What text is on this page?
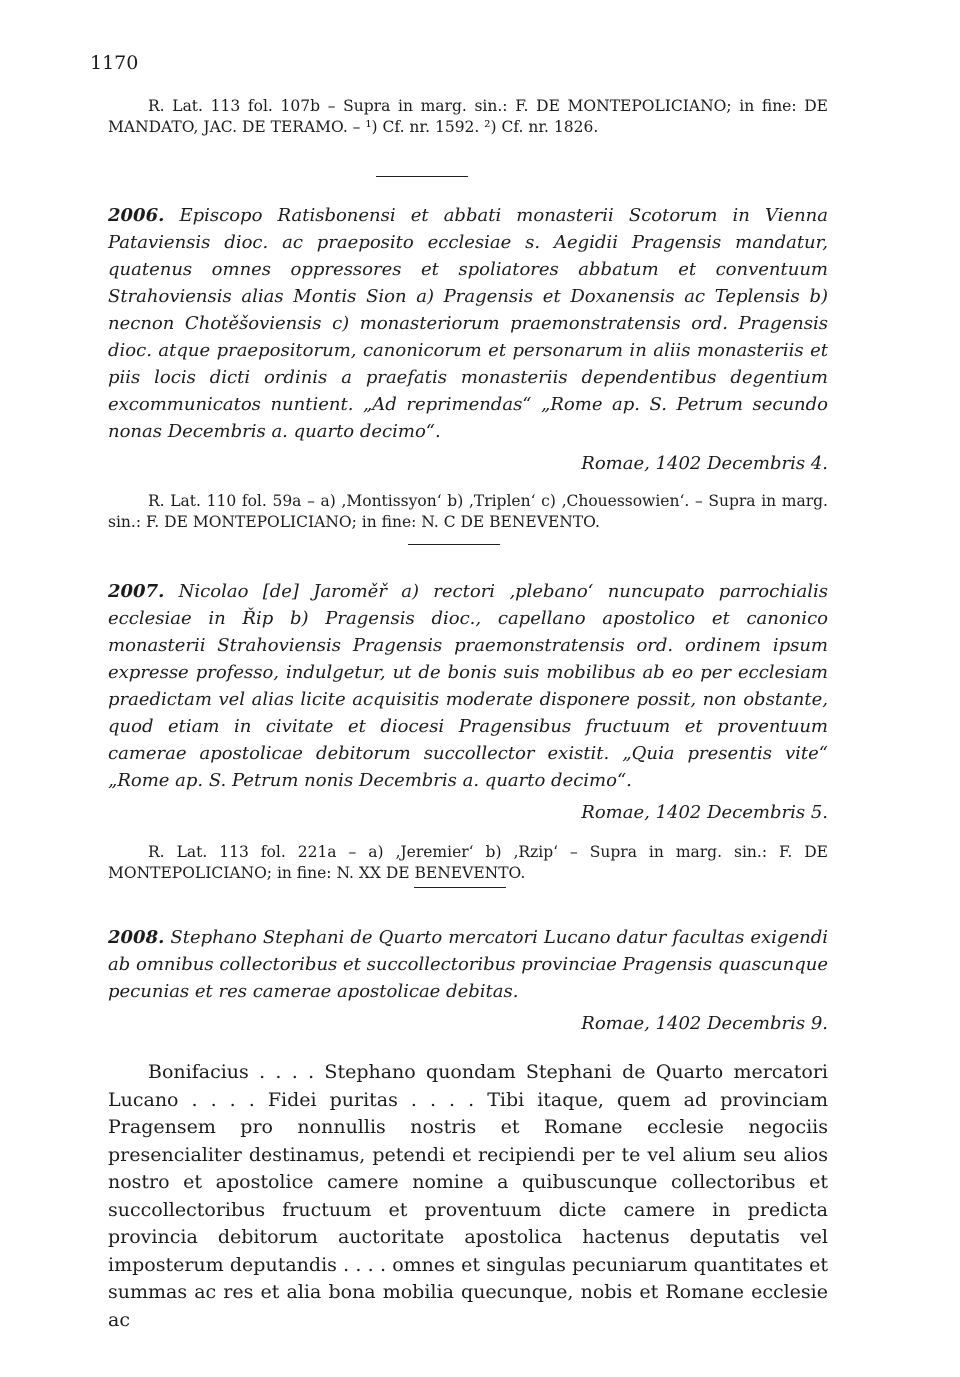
1170
R. Lat. 113 fol. 107b – Supra in marg. sin.: F. DE MONTEPOLICIANO; in fine: DE MANDATO, JAC. DE TERAMO. – ¹) Cf. nr. 1592. ²) Cf. nr. 1826.
2006. Episcopo Ratisbonensi et abbati monasterii Scotorum in Vienna Pataviensis dioc. ac praeposito ecclesiae s. Aegidii Pragensis mandatur, quatenus omnes oppressores et spoliatores abbatum et conventuum Strahoviensis alias Montis Sion a) Pragensis et Doxanensis ac Teplensis b) necnon Chotěšoviensis c) monasteriorum praemonstratensis ord. Pragensis dioc. atque praepositorum, canonicorum et personarum in aliis monasteriis et piis locis dicti ordinis a praefatis monasteriis dependentibus degentium excommunicatos nuntient. „Ad reprimendas“ „Rome ap. S. Petrum secundo nonas Decembris a. quarto decimo“.
Romae, 1402 Decembris 4.
R. Lat. 110 fol. 59a – a) ‚Montissyon‘ b) ‚Triplen‘ c) ‚Chouessowien‘. – Supra in marg. sin.: F. DE MONTEPOLICIANO; in fine: N. C DE BENEVENTO.
2007. Nicolao [de] Jaroměř a) rectori ‚plebano‘ nuncupato parrochialis ecclesiae in Řip b) Pragensis dioc., capellano apostolico et canonico monasterii Strahoviensis Pragensis praemonstratensis ord. ordinem ipsum expresse professo, indulgetur, ut de bonis suis mobilibus ab eo per ecclesiam praedictam vel alias licite acquisitis moderate disponere possit, non obstante, quod etiam in civitate et diocesi Pragensibus fructuum et proventuum camerae apostolicae debitorum succollector existit. „Quia presentis vite“ „Rome ap. S. Petrum nonis Decembris a. quarto decimo“.
Romae, 1402 Decembris 5.
R. Lat. 113 fol. 221a – a) ‚Jeremier‘ b) ‚Rzip‘ – Supra in marg. sin.: F. DE MONTEPOLICIANO; in fine: N. XX DE BENEVENTO.
2008. Stephano Stephani de Quarto mercatori Lucano datur facultas exigendi ab omnibus collectoribus et succollectoribus provinciae Pragensis quascunque pecunias et res camerae apostolicae debitas.
Romae, 1402 Decembris 9.
Bonifacius . . . . Stephano quondam Stephani de Quarto mercatori Lucano . . . . Fidei puritas . . . . Tibi itaque, quem ad provinciam Pragensem pro nonnullis nostris et Romane ecclesie negociis presencialiter destinamus, petendi et recipiendi per te vel alium seu alios nostro et apostolice camere nomine a quibuscunque collectoribus et succollectoribus fructuum et proventuum dicte camere in predicta provincia debitorum auctoritate apostolica hactenus deputatis vel imposterum deputandis . . . . omnes et singulas pecuniarum quantitates et summas ac res et alia bona mobilia quecunque, nobis et Romane ecclesie ac
